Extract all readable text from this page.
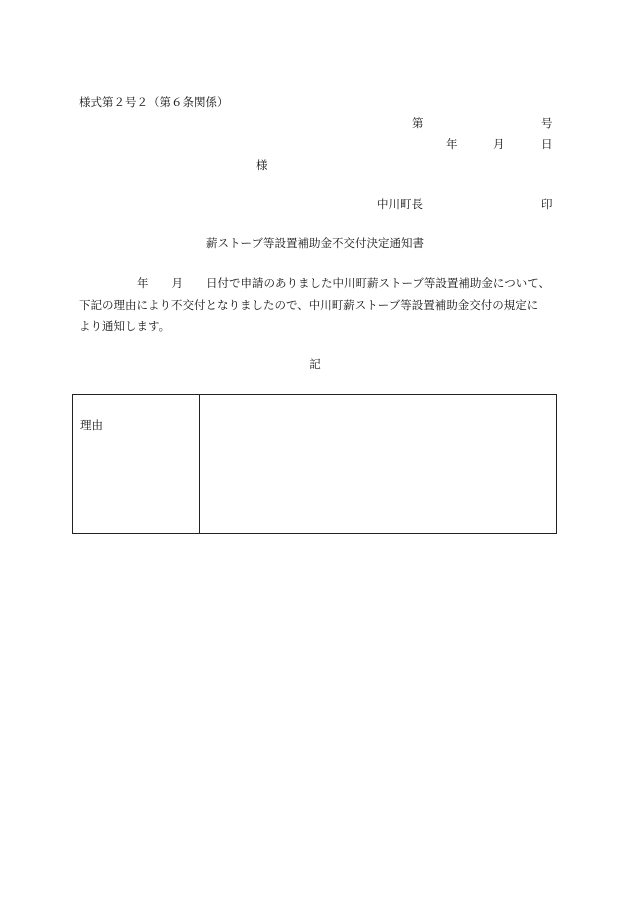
様式第２号２（第６条関係）
第	号
年	月	日
様
中川町長	印
薪ストーブ等設置補助金不交付決定通知書
年 月 日付で申請のありました中川町薪ストーブ等設置補助金について、
下記の理由により不交付となりましたので、中川町薪ストーブ等設置補助金交付の規定に
より通知します。
記
理由
